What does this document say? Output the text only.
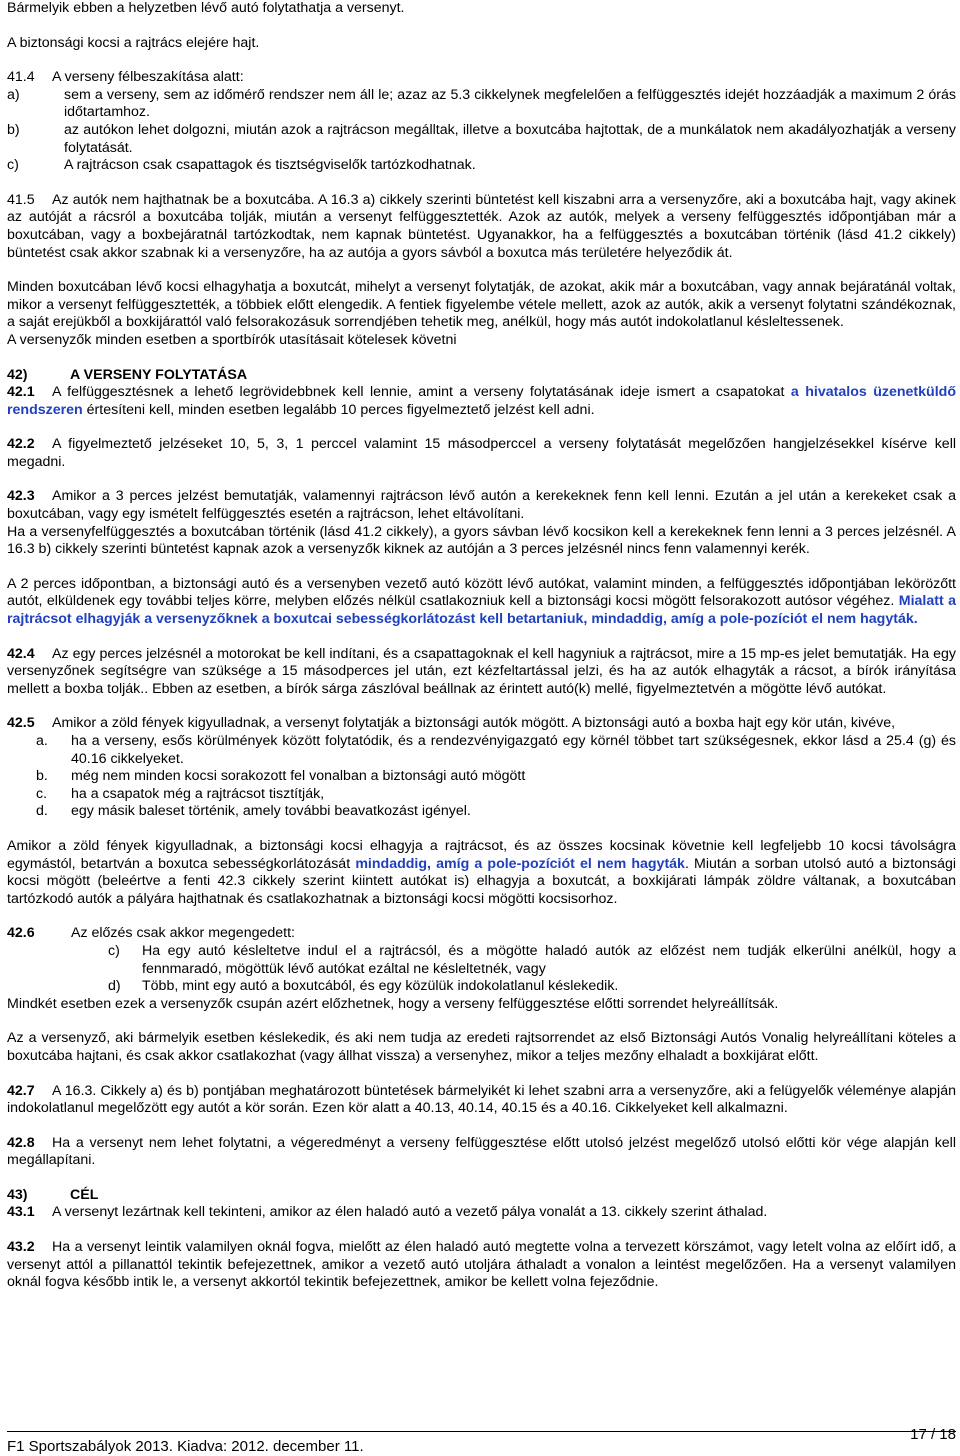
Bármelyik ebben a helyzetben lévő autó folytathatja a versenyt.

A biztonsági kocsi a rajtrács elejére hajt.

41.4	A verseny félbeszakítása alatt:
a)	sem a verseny, sem az időmérő rendszer nem áll le; azaz az 5.3 cikkelynek megfelelően a felfüggesztés idejét hozzáadják a maximum 2 órás időtartamhoz.
b)	az autókon lehet dolgozni, miután azok a rajtrácson megálltak, illetve a boxutcába hajtottak, de a munkálatok nem akadályozhatják a verseny folytatását.
c)	A rajtrácson csak csapattagok és tisztségviselők tartózkodhatnak.

41.5 Az autók nem hajthatnak be a boxutcába. A 16.3 a) cikkely szerinti büntetést kell kiszabni arra a versenyzőre, aki a boxutcába hajt, vagy akinek az autóját a rácsról a boxutcába tolják, miután a versenyt felfüggesztették. Azok az autók, melyek a verseny felfüggesztés időpontjában már a boxutcában, vagy a boxbejáratnál tartózkodtak, nem kapnak büntetést. Ugyanakkor, ha a felfüggesztés a boxutcában történik (lásd 41.2 cikkely) büntetést csak akkor szabnak ki a versenyzőre, ha az autója a gyors sávból a boxutca más területére helyeződik át.

Minden boxutcában lévő kocsi elhagyhatja a boxutcát, mihelyt a versenyt folytatják, de azokat, akik már a boxutcában, vagy annak bejáratánál voltak, mikor a versenyt felfüggesztették, a többiek előtt elengedik. A fentiek figyelembe vétele mellett, azok az autók, akik a versenyt folytatni szándékoznak, a saját erejükből a boxkijárattól való felsorakozásuk sorrendjében tehetik meg, anélkül, hogy más autót indokolatlanul késleltessenek.

A versenyzők minden esetben a sportbírók utasításait kötelesek követni

42)	A VERSENY FOLYTATÁSA

42.1 A felfüggesztésnek a lehető legrövidebbnek kell lennie, amint a verseny folytatásának ideje ismert a csapatokat a hivatalos üzenetküldő rendszeren értesíteni kell, minden esetben legalább 10 perces figyelmeztető jelzést kell adni.

42.2 A figyelmeztető jelzéseket 10, 5, 3, 1 perccel valamint 15 másodperccel a verseny folytatását megelőzően hangjelzésekkel kísérve kell megadni.

42.3 Amikor a 3 perces jelzést bemutatják, valamennyi rajtrácson lévő autón a kerekeknek fenn kell lenni. Ezután a jel után a kerekeket csak a boxutcában, vagy egy ismételt felfüggesztés esetén a rajtrácson, lehet eltávolítani.

Ha a versenyfelfüggesztés a boxutcában történik (lásd 41.2 cikkely), a gyors sávban lévő kocsikon kell a kerekeknek fenn lenni a 3 perces jelzésnél. A 16.3 b) cikkely szerinti büntetést kapnak azok a versenyzők kiknek az autóján a 3 perces jelzésnél nincs fenn valamennyi kerék.

A 2 perces időpontban, a biztonsági autó és a versenyben vezető autó között lévő autókat, valamint minden, a felfüggesztés időpontjában lekörözőtt autót, elküldenek egy további teljes körre, melyben előzés nélkül csatlakozniuk kell a biztonsági kocsi mögött felsorakozott autósor végéhez. Mialatt a rajtrácsot elhagyják a versenyzőknek a boxutcai sebességkorlátozást kell betartaniuk, mindaddig, amíg a pole-pozíciót el nem hagyták.

42.4 Az egy perces jelzésnél a motorokat be kell indítani, és a csapattagoknak el kell hagyniuk a rajtrácsot, mire a 15 mp-es jelet bemutatják. Ha egy versenyzőnek segítségre van szüksége a 15 másodperces jel után, ezt kézfeltartással jelzi, és ha az autók elhagyták a rácsot, a bírók irányítása mellett a boxba tolják.. Ebben az esetben, a bírók sárga zászlóval beállnak az érintett autó(k) mellé, figyelmeztetvén a mögötte lévő autókat.

42.5 Amikor a zöld fények kigyulladnak, a versenyt folytatják a biztonsági autók mögött. A biztonsági autó a boxba hajt egy kör után, kivéve,

a.	ha a verseny, esős körülmények között folytatódik, és a rendezvényigazgató egy körnél többet tart szükségesnek, ekkor lásd a 25.4 (g) és 40.16 cikkelyeket.
b.	még nem minden kocsi sorakozott fel vonalban a biztonsági autó mögött
c.	ha a csapatok még a rajtrácsot tisztítják,
d.	egy másik baleset történik, amely további beavatkozást igényel.

Amikor a zöld fények kigyulladnak, a biztonsági kocsi elhagyja a rajtrácsot, és az összes kocsinak követnie kell legfeljebb 10 kocsi távolságra egymástól, betartván a boxutca sebességkorlátozását mindaddig, amíg a pole-pozíciót el nem hagyták. Miután a sorban utolsó autó a biztonsági kocsi mögött (beleértve a fenti 42.3 cikkely szerint kiintett autókat is) elhagyja a boxutcát, a boxkijárati lámpák zöldre váltanak, a boxutcában tartózkodó autók a pályára hajthatnak és csatlakozhatnak a biztonsági kocsi mögötti kocsisorhoz.

42.6	Az előzés csak akkor megengedett:

c)	Ha egy autó késleltetve indul el a rajtrácsól, és a mögötte haladó autók az előzést nem tudják elkerülni anélkül, hogy a fennmaradó, mögöttük lévő autókat ezáltal ne késleltetnék, vagy
d)	Több, mint egy autó a boxutcából, és egy közülük indokolatlanul késlekedik.

Mindkét esetben ezek a versenyzők csupán azért előzhetnek, hogy a verseny felfüggesztése előtti sorrendet helyreállítsák.

Az a versenyző, aki bármelyik esetben késlekedik, és aki nem tudja az eredeti rajtsorrendet az első Biztonsági Autós Vonalig helyreállítani köteles a boxutcába hajtani, és csak akkor csatlakozhat (vagy állhat vissza) a versenyhez, mikor a teljes mezőny elhaladt a boxkijárat előtt.

42.7 A 16.3. Cikkely a) és b) pontjában meghatározott büntetések bármelyikét ki lehet szabni arra a versenyzőre, aki a felügyelők véleménye alapján indokolatlanul megelőzött egy autót a kör során. Ezen kör alatt a 40.13, 40.14, 40.15 és a 40.16. Cikkelyeket kell alkalmazni.

42.8 Ha a versenyt nem lehet folytatni, a végeredményt a verseny felfüggesztése előtt utolsó jelzést megelőző utolsó előtti kör vége alapján kell megállapítani.

43)	CÉL

43.1 A versenyt lezártnak kell tekinteni, amikor az élen haladó autó a vezető pálya vonalát a 13. cikkely szerint áthalad.

43.2 Ha a versenyt leintik valamilyen oknál fogva, mielőtt az élen haladó autó megtette volna a tervezett körszámot, vagy letelt volna az előírt idő, a versenyt attól a pillanattól tekintik befejezettnek, amikor a vezető autó utoljára áthaladt a vonalon a leintést megelőzően. Ha a versenyt valamilyen oknál fogva később intik le, a versenyt akkortól tekintik befejezettnek, amikor be kellett volna fejeződnie.

F1 Sportszabályok 2013. Kiadva: 2012. december 11.
17 / 18
